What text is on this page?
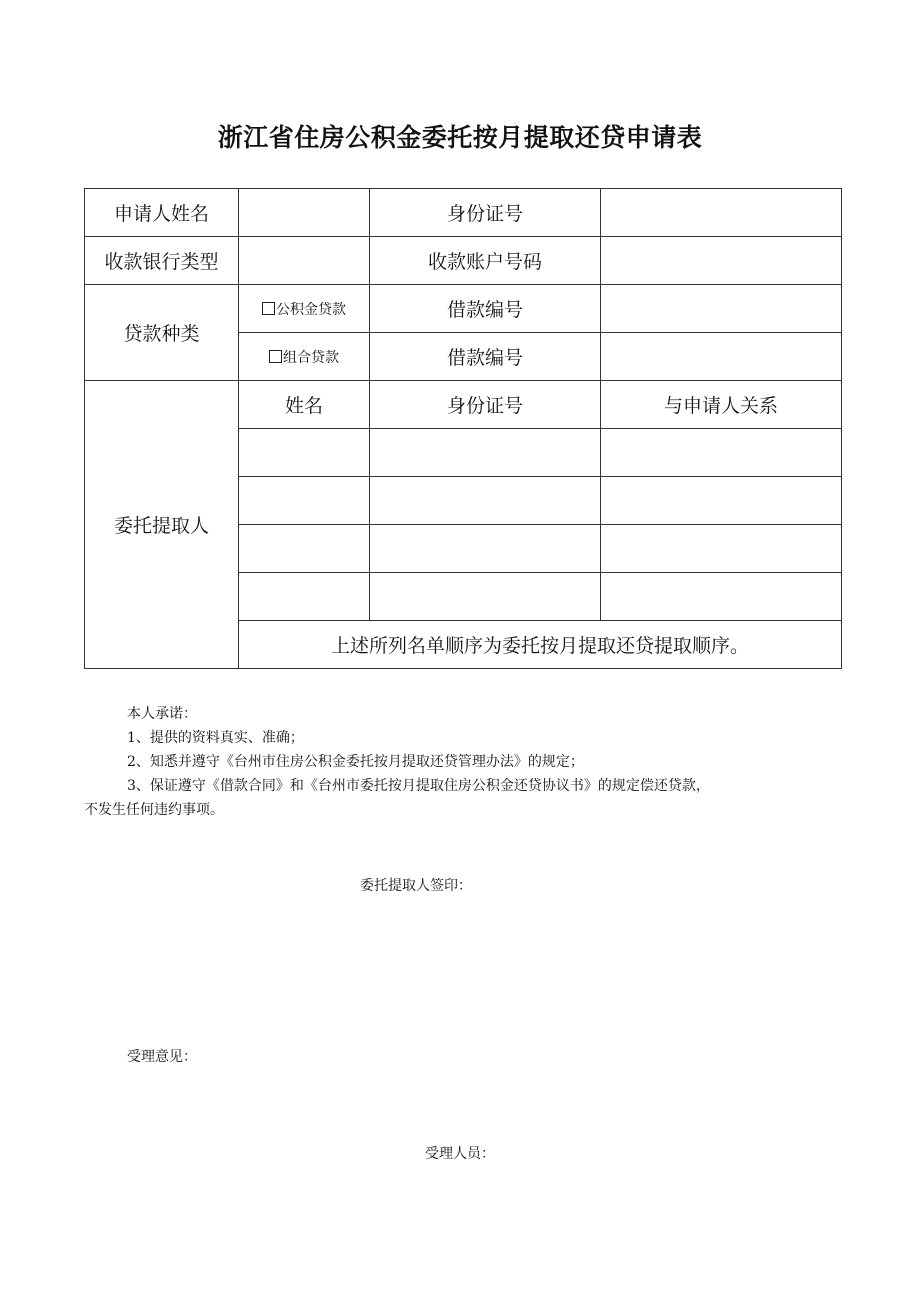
浙江省住房公积金委托按月提取还贷申请表
申请人姓名		身份证号	
收款银行类型		收款账户号码	
贷款种类	公积金贷款	借款编号	
	组合贷款	借款编号	
委托提取人	姓名	身份证号	与申请人关系

	上述所列名单顺序为委托按月提取还贷提取顺序。		
本人承诺：
1、提供的资料真实、准确；
2、知悉并遵守《台州市住房公积金委托按月提取还贷管理办法》的规定；
3、保证遵守《借款合同》和《台州市委托按月提取住房公积金还贷协议书》的规定偿还贷款，
不发生任何违约事项。
委托提取人签印：
受理意见：
受理人员：
